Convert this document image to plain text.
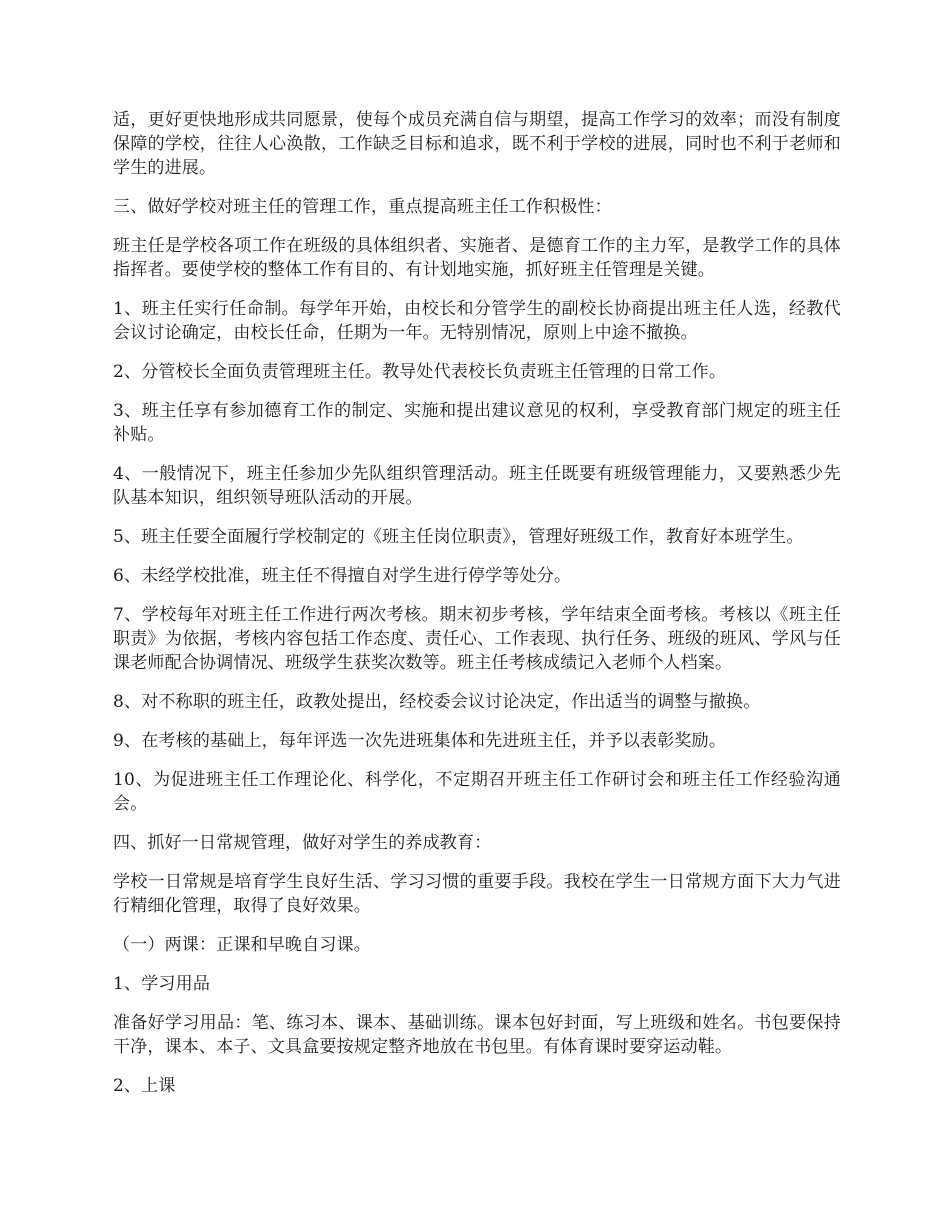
适，更好更快地形成共同愿景，使每个成员充满自信与期望，提高工作学习的效率；而没有制度保障的学校，往往人心涣散，工作缺乏目标和追求，既不利于学校的进展，同时也不利于老师和学生的进展。

三、做好学校对班主任的管理工作，重点提高班主任工作积极性：

班主任是学校各项工作在班级的具体组织者、实施者、是德育工作的主力军，是教学工作的具体指挥者。要使学校的整体工作有目的、有计划地实施，抓好班主任管理是关键。

1、班主任实行任命制。每学年开始，由校长和分管学生的副校长协商提出班主任人选，经教代会议讨论确定，由校长任命，任期为一年。无特别情况，原则上中途不撤换。

2、分管校长全面负责管理班主任。教导处代表校长负责班主任管理的日常工作。

3、班主任享有参加德育工作的制定、实施和提出建议意见的权利，享受教育部门规定的班主任补贴。

4、一般情况下，班主任参加少先队组织管理活动。班主任既要有班级管理能力，又要熟悉少先队基本知识，组织领导班队活动的开展。

5、班主任要全面履行学校制定的《班主任岗位职责》，管理好班级工作，教育好本班学生。

6、未经学校批准，班主任不得擅自对学生进行停学等处分。

7、学校每年对班主任工作进行两次考核。期末初步考核，学年结束全面考核。考核以《班主任职责》为依据，考核内容包括工作态度、责任心、工作表现、执行任务、班级的班风、学风与任课老师配合协调情况、班级学生获奖次数等。班主任考核成绩记入老师个人档案。

8、对不称职的班主任，政教处提出，经校委会议讨论决定，作出适当的调整与撤换。

9、在考核的基础上，每年评选一次先进班集体和先进班主任，并予以表彰奖励。

10、为促进班主任工作理论化、科学化，不定期召开班主任工作研讨会和班主任工作经验沟通会。

四、抓好一日常规管理，做好对学生的养成教育：

学校一日常规是培育学生良好生活、学习习惯的重要手段。我校在学生一日常规方面下大力气进行精细化管理，取得了良好效果。

（一）两课：正课和早晚自习课。

1、学习用品

准备好学习用品：笔、练习本、课本、基础训练。课本包好封面，写上班级和姓名。书包要保持干净，课本、本子、文具盒要按规定整齐地放在书包里。有体育课时要穿运动鞋。

2、上课
